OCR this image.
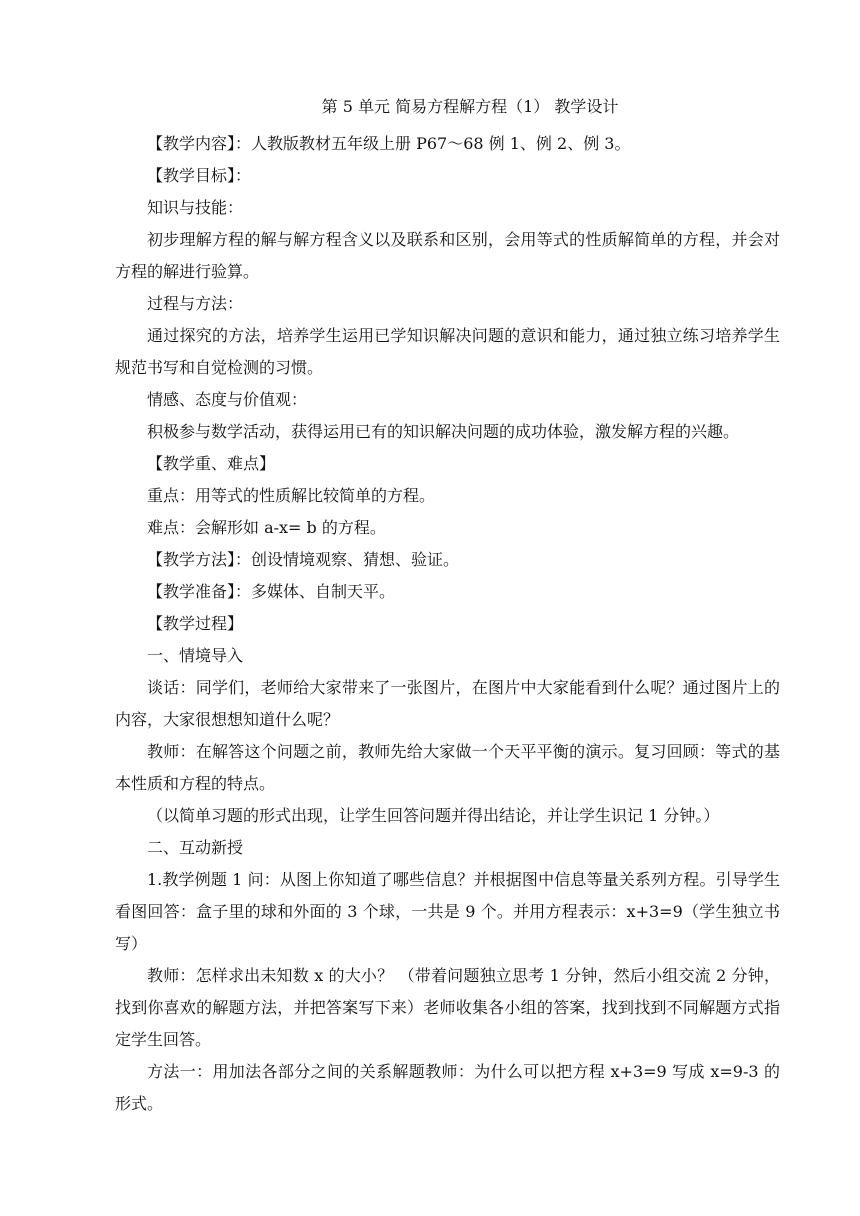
第 5 单元 简易方程解方程（1） 教学设计

【教学内容】：人教版教材五年级上册 P67～68 例 1、例 2、例 3。

【教学目标】：

知识与技能：

初步理解方程的解与解方程含义以及联系和区别，会用等式的性质解简单的方程，并会对方程的解进行验算。

过程与方法：

通过探究的方法，培养学生运用已学知识解决问题的意识和能力，通过独立练习培养学生规范书写和自觉检测的习惯。

情感、态度与价值观：

积极参与数学活动，获得运用已有的知识解决问题的成功体验，激发解方程的兴趣。

【教学重、难点】

重点：用等式的性质解比较简单的方程。

难点：会解形如 a-x= b 的方程。

【教学方法】：创设情境观察、猜想、验证。

【教学准备】：多媒体、自制天平。

【教学过程】

一、情境导入

谈话：同学们，老师给大家带来了一张图片，在图片中大家能看到什么呢？通过图片上的内容，大家很想想知道什么呢？

教师：在解答这个问题之前，教师先给大家做一个天平平衡的演示。复习回顾：等式的基本性质和方程的特点。

（以简单习题的形式出现，让学生回答问题并得出结论，并让学生识记 1 分钟。）

二、互动新授

1.教学例题 1 问：从图上你知道了哪些信息？并根据图中信息等量关系列方程。引导学生看图回答：盒子里的球和外面的 3 个球，一共是 9 个。并用方程表示：x+3=9（学生独立书写）

教师：怎样求出未知数 x 的大小？ （带着问题独立思考 1 分钟，然后小组交流 2 分钟，找到你喜欢的解题方法，并把答案写下来）老师收集各小组的答案，找到找到不同解题方式指定学生回答。

方法一：用加法各部分之间的关系解题教师：为什么可以把方程 x+3=9 写成 x=9-3 的形式。
